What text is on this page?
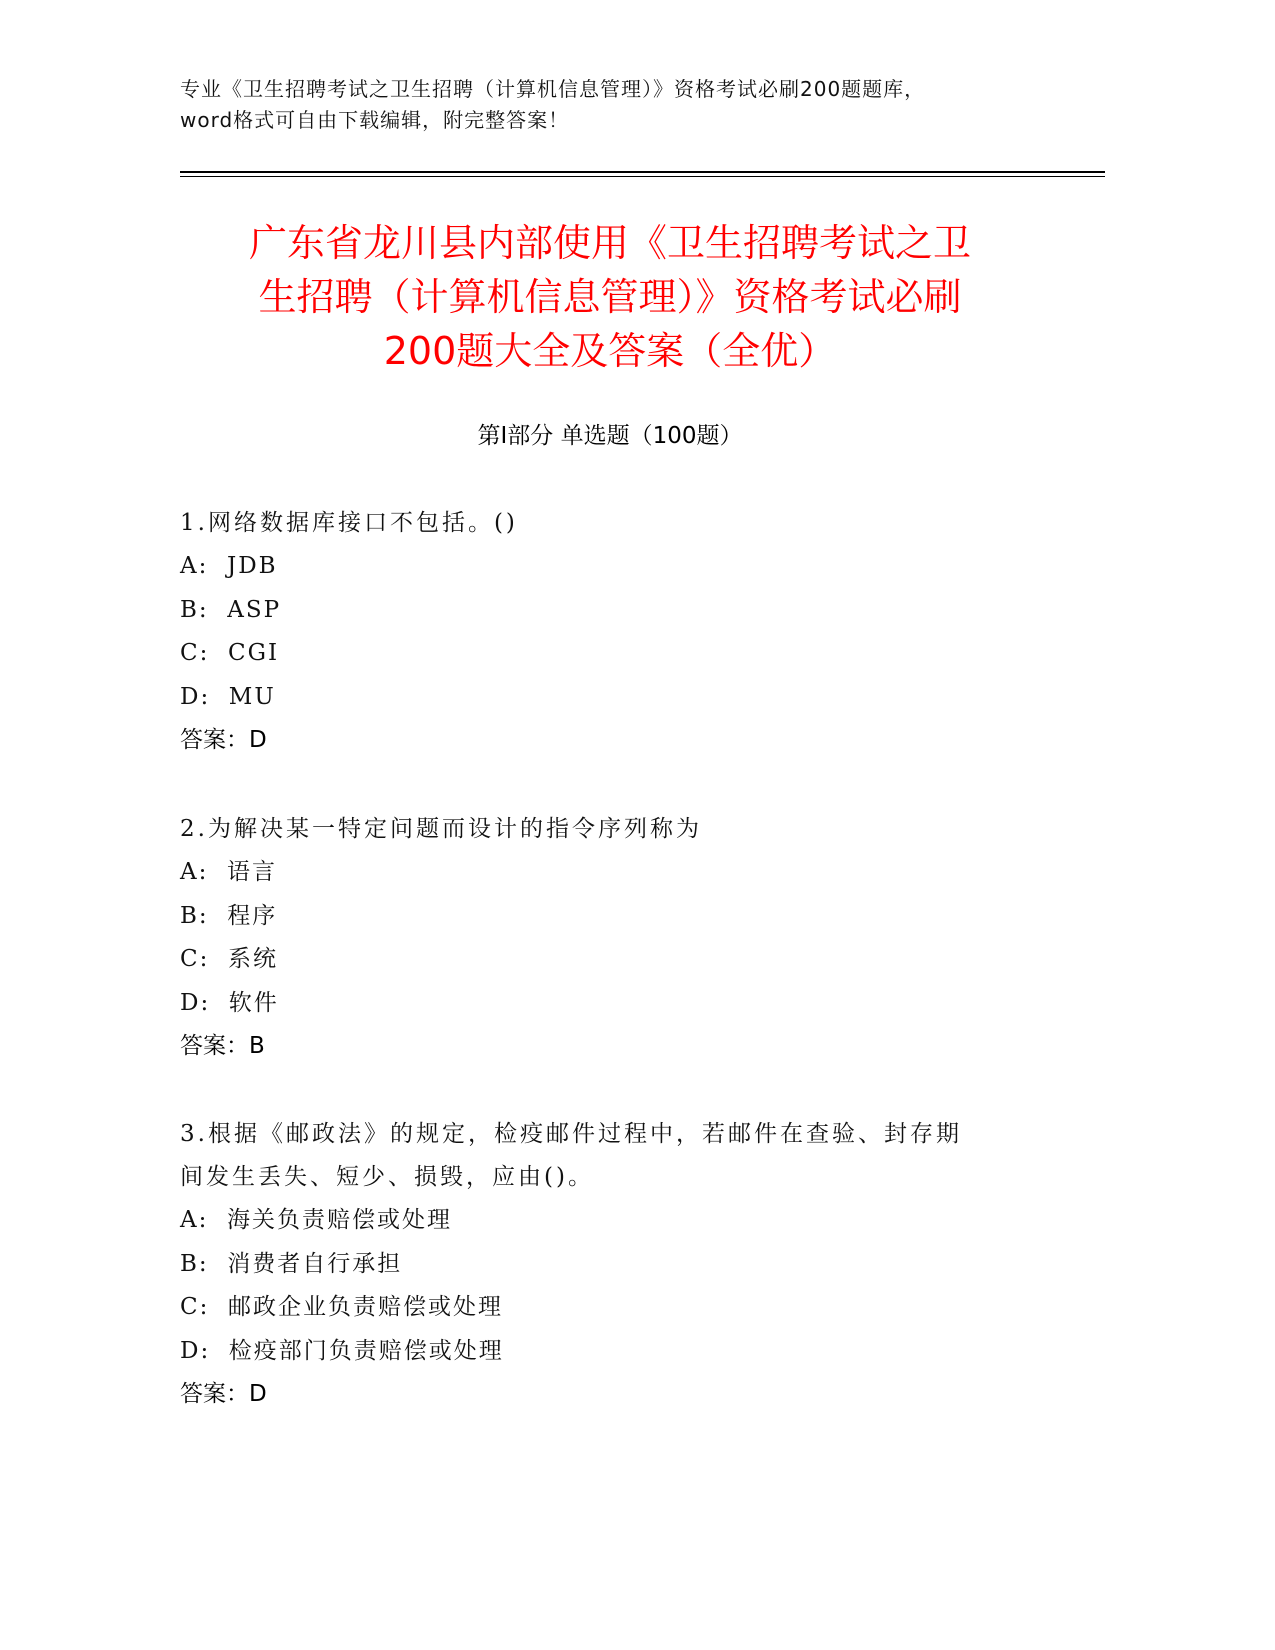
专业《卫生招聘考试之卫生招聘（计算机信息管理）》资格考试必刷200题题库，
word格式可自由下载编辑，附完整答案！
广东省龙川县内部使用《卫生招聘考试之卫
生招聘（计算机信息管理）》资格考试必刷
200题大全及答案（全优）
第Ⅰ部分 单选题（100题）
1.网络数据库接口不包括。()
A:  JDB
B:  ASP
C:  CGI
D:  MU
答案：D
2.为解决某一特定问题而设计的指令序列称为
A:  语言
B:  程序
C:  系统
D:  软件
答案：B
3.根据《邮政法》的规定，检疫邮件过程中，若邮件在查验、封存期
间发生丢失、短少、损毁，应由()。
A:  海关负责赔偿或处理
B:  消费者自行承担
C:  邮政企业负责赔偿或处理
D:  检疫部门负责赔偿或处理
答案：D
